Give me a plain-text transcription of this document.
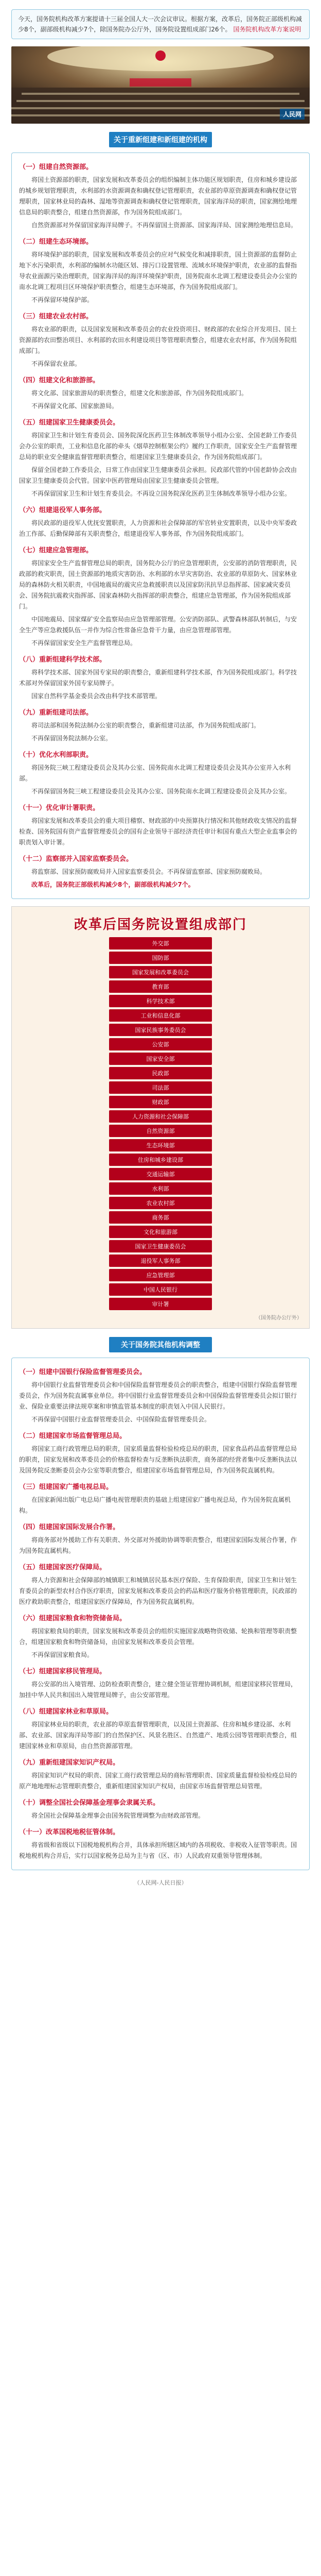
今天，国务院机构改革方案提请十三届全国人大一次会议审议。根据方案，改革后，国务院正部级机构减少8个，副部级机构减少7个，除国务院办公厅外，国务院设置组成部门26个。 国务院机构改革方案说明
人民网
关于重新组建和新组建的机构
（一）组建自然资源部。
将国土资源部的职责，国家发展和改革委员会的组织编制主体功能区规划职责，住房和城乡建设部的城乡规划管理职责，水利部的水资源调查和确权登记管理职责，农业部的草原资源调查和确权登记管理职责，国家林业局的森林、湿地等资源调查和确权登记管理职责，国家海洋局的职责，国家测绘地理信息局的职责整合，组建自然资源部，作为国务院组成部门。
自然资源部对外保留国家海洋局牌子。不再保留国土资源部、国家海洋局、国家测绘地理信息局。
（二）组建生态环境部。
将环境保护部的职责，国家发展和改革委员会的应对气候变化和减排职责，国土资源部的监督防止地下水污染职责，水利部的编制水功能区划、排污口设置管理、流域水环境保护职责，农业部的监督指导农业面源污染治理职责，国家海洋局的海洋环境保护职责，国务院南水北调工程建设委员会办公室的南水北调工程项目区环境保护职责整合，组建生态环境部，作为国务院组成部门。
不再保留环境保护部。
（三）组建农业农村部。
将农业部的职责，以及国家发展和改革委员会的农业投资项目、财政部的农业综合开发项目、国土资源部的农田整治项目、水利部的农田水利建设项目等管理职责整合，组建农业农村部，作为国务院组成部门。
不再保留农业部。
（四）组建文化和旅游部。
将文化部、国家旅游局的职责整合，组建文化和旅游部，作为国务院组成部门。
不再保留文化部、国家旅游局。
（五）组建国家卫生健康委员会。
将国家卫生和计划生育委员会、国务院深化医药卫生体制改革领导小组办公室、全国老龄工作委员会办公室的职责，工业和信息化部的牵头《烟草控制框架公约》履约工作职责，国家安全生产监督管理总局的职业安全健康监督管理职责整合，组建国家卫生健康委员会，作为国务院组成部门。
保留全国老龄工作委员会，日常工作由国家卫生健康委员会承担。民政部代管的中国老龄协会改由国家卫生健康委员会代管。国家中医药管理局由国家卫生健康委员会管理。
不再保留国家卫生和计划生育委员会。不再设立国务院深化医药卫生体制改革领导小组办公室。
（六）组建退役军人事务部。
将民政部的退役军人优抚安置职责，人力资源和社会保障部的军官转业安置职责，以及中央军委政治工作部、后勤保障部有关职责整合，组建退役军人事务部，作为国务院组成部门。
（七）组建应急管理部。
将国家安全生产监督管理总局的职责，国务院办公厅的应急管理职责，公安部的消防管理职责，民政部的救灾职责，国土资源部的地质灾害防治、水利部的水旱灾害防治、农业部的草原防火、国家林业局的森林防火相关职责，中国地震局的震灾应急救援职责以及国家防汛抗旱总指挥部、国家减灾委员会、国务院抗震救灾指挥部、国家森林防火指挥部的职责整合，组建应急管理部，作为国务院组成部门。
中国地震局、国家煤矿安全监察局由应急管理部管理。公安消防部队、武警森林部队转制后，与安全生产等应急救援队伍一并作为综合性常备应急骨干力量，由应急管理部管理。
不再保留国家安全生产监督管理总局。
（八）重新组建科学技术部。
将科学技术部、国家外国专家局的职责整合，重新组建科学技术部，作为国务院组成部门。科学技术部对外保留国家外国专家局牌子。
国家自然科学基金委员会改由科学技术部管理。
（九）重新组建司法部。
将司法部和国务院法制办公室的职责整合，重新组建司法部，作为国务院组成部门。
不再保留国务院法制办公室。
（十）优化水利部职责。
将国务院三峡工程建设委员会及其办公室、国务院南水北调工程建设委员会及其办公室并入水利部。
不再保留国务院三峡工程建设委员会及其办公室、国务院南水北调工程建设委员会及其办公室。
（十一）优化审计署职责。
将国家发展和改革委员会的重大项目稽察、财政部的中央预算执行情况和其他财政收支情况的监督检查、国务院国有资产监督管理委员会的国有企业领导干部经济责任审计和国有重点大型企业监事会的职责划入审计署。
（十二）监察部并入国家监察委员会。
将监察部、国家预防腐败局并入国家监察委员会。不再保留监察部、国家预防腐败局。
改革后，国务院正部级机构减少8个，副部级机构减少7个。
改革后国务院设置组成部门
外交部
国防部
国家发展和改革委员会
教育部
科学技术部
工业和信息化部
国家民族事务委员会
公安部
国家安全部
民政部
司法部
财政部
人力资源和社会保障部
自然资源部
生态环境部
住房和城乡建设部
交通运输部
水利部
农业农村部
商务部
文化和旅游部
国家卫生健康委员会
退役军人事务部
应急管理部
中国人民银行
审计署
（国务院办公厅外）
关于国务院其他机构调整
（一）组建中国银行保险监督管理委员会。
将中国银行业监督管理委员会和中国保险监督管理委员会的职责整合，组建中国银行保险监督管理委员会，作为国务院直属事业单位。将中国银行业监督管理委员会和中国保险监督管理委员会拟订银行业、保险业重要法律法规草案和审慎监管基本制度的职责划入中国人民银行。
不再保留中国银行业监督管理委员会、中国保险监督管理委员会。
（二）组建国家市场监督管理总局。
将国家工商行政管理总局的职责，国家质量监督检验检疫总局的职责，国家食品药品监督管理总局的职责，国家发展和改革委员会的价格监督检查与反垄断执法职责，商务部的经营者集中反垄断执法以及国务院反垄断委员会办公室等职责整合，组建国家市场监督管理总局，作为国务院直属机构。
（三）组建国家广播电视总局。
在国家新闻出版广电总局广播电视管理职责的基础上组建国家广播电视总局，作为国务院直属机构。
（四）组建国家国际发展合作署。
将商务部对外援助工作有关职责、外交部对外援助协调等职责整合，组建国家国际发展合作署，作为国务院直属机构。
（五）组建国家医疗保障局。
将人力资源和社会保障部的城镇职工和城镇居民基本医疗保险、生育保险职责，国家卫生和计划生育委员会的新型农村合作医疗职责，国家发展和改革委员会的药品和医疗服务价格管理职责，民政部的医疗救助职责整合，组建国家医疗保障局，作为国务院直属机构。
（六）组建国家粮食和物资储备局。
将国家粮食局的职责，国家发展和改革委员会的组织实施国家战略物资收储、轮换和管理等职责整合，组建国家粮食和物资储备局，由国家发展和改革委员会管理。
不再保留国家粮食局。
（七）组建国家移民管理局。
将公安部的出入境管理、边防检查职责整合，建立健全签证管理协调机制，组建国家移民管理局，加挂中华人民共和国出入境管理局牌子，由公安部管理。
（八）组建国家林业和草原局。
将国家林业局的职责，农业部的草原监督管理职责，以及国土资源部、住房和城乡建设部、水利部、农业部、国家海洋局等部门的自然保护区、风景名胜区、自然遗产、地质公园等管理职责整合，组建国家林业和草原局，由自然资源部管理。
（九）重新组建国家知识产权局。
将国家知识产权局的职责、国家工商行政管理总局的商标管理职责、国家质量监督检验检疫总局的原产地地理标志管理职责整合，重新组建国家知识产权局，由国家市场监督管理总局管理。
（十）调整全国社会保障基金理事会隶属关系。
将全国社会保障基金理事会由国务院管理调整为由财政部管理。
（十一）改革国税地税征管体制。
将省级和省级以下国税地税机构合并，具体承担所辖区域内的各项税收、非税收入征管等职责。国税地税机构合并后，实行以国家税务总局为主与省（区、市）人民政府双重领导管理体制。
（人民网-人民日报）
